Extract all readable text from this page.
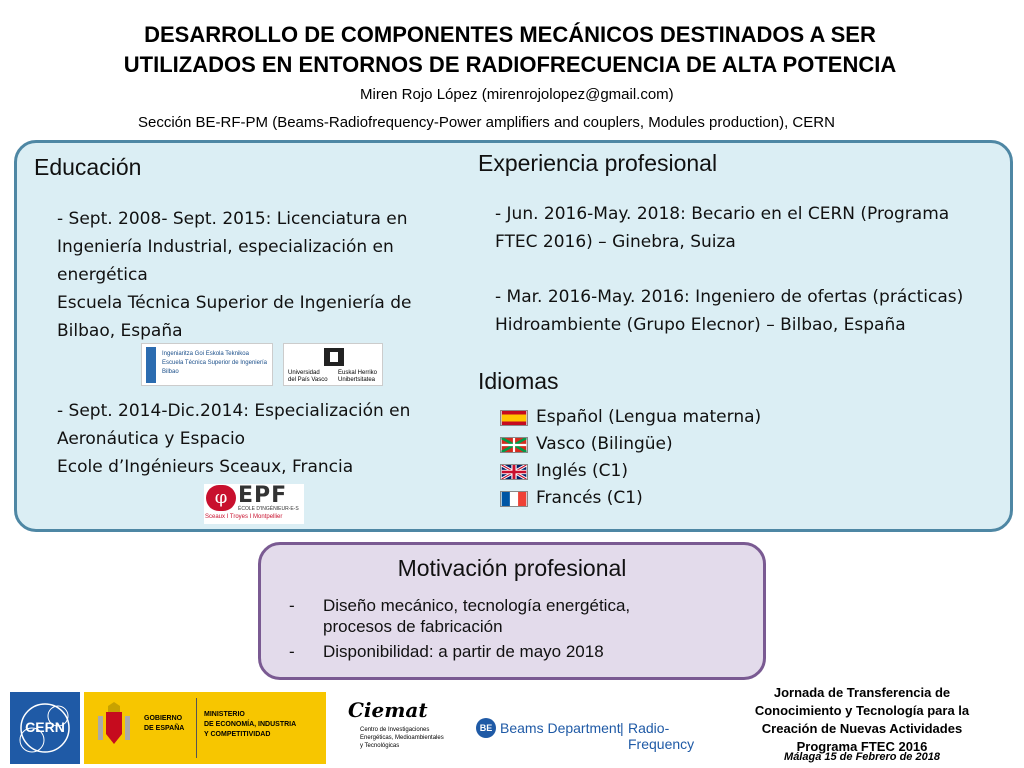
DESARROLLO DE COMPONENTES MECÁNICOS DESTINADOS A SER
UTILIZADOS EN ENTORNOS DE RADIOFRECUENCIA DE ALTA POTENCIA
Miren Rojo López (mirenrojolopez@gmail.com)
Sección BE-RF-PM (Beams-Radiofrequency-Power amplifiers and couplers, Modules production), CERN
Educación
- Sept. 2008- Sept. 2015: Licenciatura en
Ingeniería Industrial, especialización en
energética
Escuela Técnica Superior de Ingeniería de
Bilbao, España
Ingeniaritza Goi Eskola Teknikoa
Escuela Técnica Superior de Ingeniería
Bilbao	Universidad
del País Vasco
Euskal Herriko
Unibertsitatea
- Sept. 2014-Dic.2014: Especialización en
Aeronáutica y Espacio
Ecole d’Ingénieurs Sceaux, Francia
φ EPF
ÉCOLE D'INGÉNIEUR-E-S
Sceaux I Troyes I Montpellier
Experiencia profesional
- Jun. 2016-May. 2018: Becario en el CERN (Programa
FTEC 2016) – Ginebra, Suiza
- Mar. 2016-May. 2016: Ingeniero de ofertas (prácticas)
Hidroambiente (Grupo Elecnor) – Bilbao, España
Idiomas
Español (Lengua materna)
Vasco (Bilingüe)
Inglés (C1)
Francés (C1)
Motivación profesional
- Diseño mecánico, tecnología energética,
procesos de fabricación
- Disponibilidad: a partir de mayo 2018
CERN
GOBIERNO
DE ESPAÑA
MINISTERIO
DE ECONOMÍA, INDUSTRIA
Y COMPETITIVIDAD
Ciemat
Centro de Investigaciones
Energéticas, Medioambientales
y Tecnológicas
BE Beams Department | Radio-Frequency
Jornada de Transferencia de
Conocimiento y Tecnología para la
Creación de Nuevas Actividades
Programa FTEC 2016
Málaga 15 de Febrero de 2018
